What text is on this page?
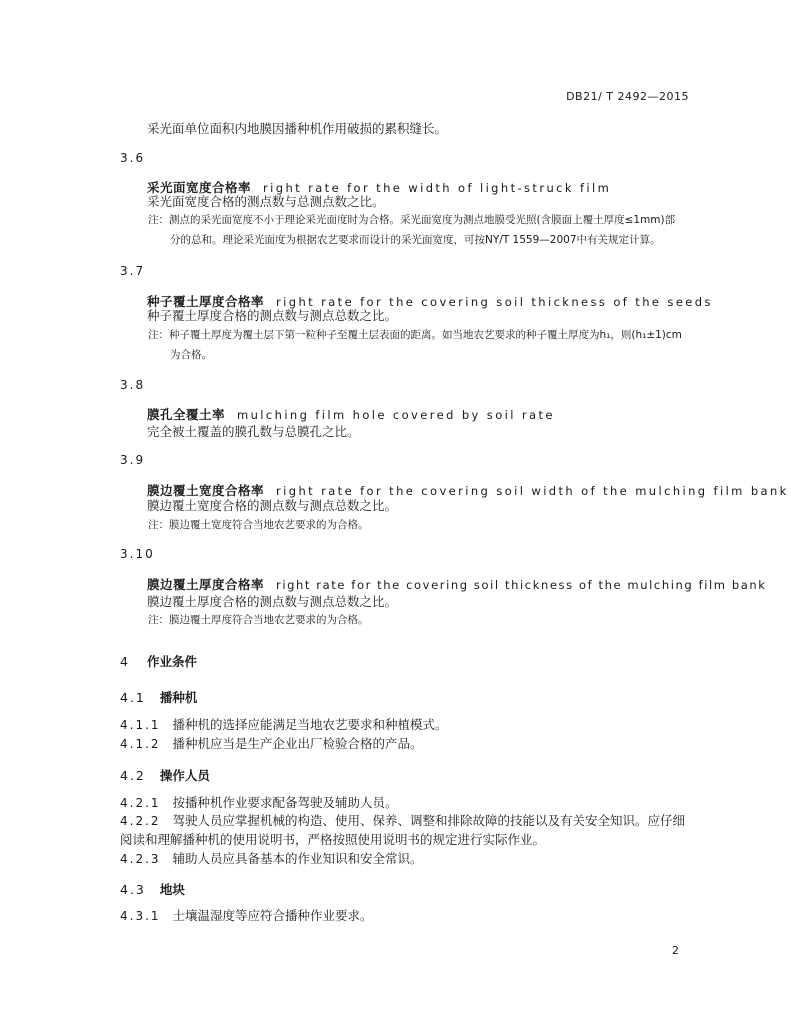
DB21/ T 2492—2015
采光面单位面积内地膜因播种机作用破损的累积缝长。
3.6
采光面宽度合格率 right rate for the width of light-struck film
采光面宽度合格的测点数与总测点数之比。
注：测点的采光面宽度不小于理论采光面度时为合格。采光面宽度为测点地膜受光照(含膜面上覆土厚度≤1mm)部
分的总和。理论采光面度为根据农艺要求而设计的采光面宽度，可按NY/T 1559—2007中有关规定计算。
3.7
种子覆土厚度合格率 right rate for the covering soil thickness of the seeds
种子覆土厚度合格的测点数与测点总数之比。
注：种子覆土厚度为覆土层下第一粒种子至覆土层表面的距离。如当地农艺要求的种子覆土厚度为h₁，则(h₁±1)cm
为合格。
3.8
膜孔全覆土率 mulching film hole covered by soil rate
完全被土覆盖的膜孔数与总膜孔之比。
3.9
膜边覆土宽度合格率 right rate for the covering soil width of the mulching film bank
膜边覆土宽度合格的测点数与测点总数之比。
注：膜边覆土宽度符合当地农艺要求的为合格。
3.10
膜边覆土厚度合格率 right rate for the covering soil thickness of the mulching film bank
膜边覆土厚度合格的测点数与测点总数之比。
注：膜边覆土厚度符合当地农艺要求的为合格。
4 作业条件
4.1 播种机
4.1.1 播种机的选择应能满足当地农艺要求和种植模式。
4.1.2 播种机应当是生产企业出厂检验合格的产品。
4.2 操作人员
4.2.1 按播种机作业要求配备驾驶及辅助人员。
4.2.2 驾驶人员应掌握机械的构造、使用、保养、调整和排除故障的技能以及有关安全知识。应仔细
阅读和理解播种机的使用说明书，严格按照使用说明书的规定进行实际作业。
4.2.3 辅助人员应具备基本的作业知识和安全常识。
4.3 地块
4.3.1 土壤温湿度等应符合播种作业要求。
2
